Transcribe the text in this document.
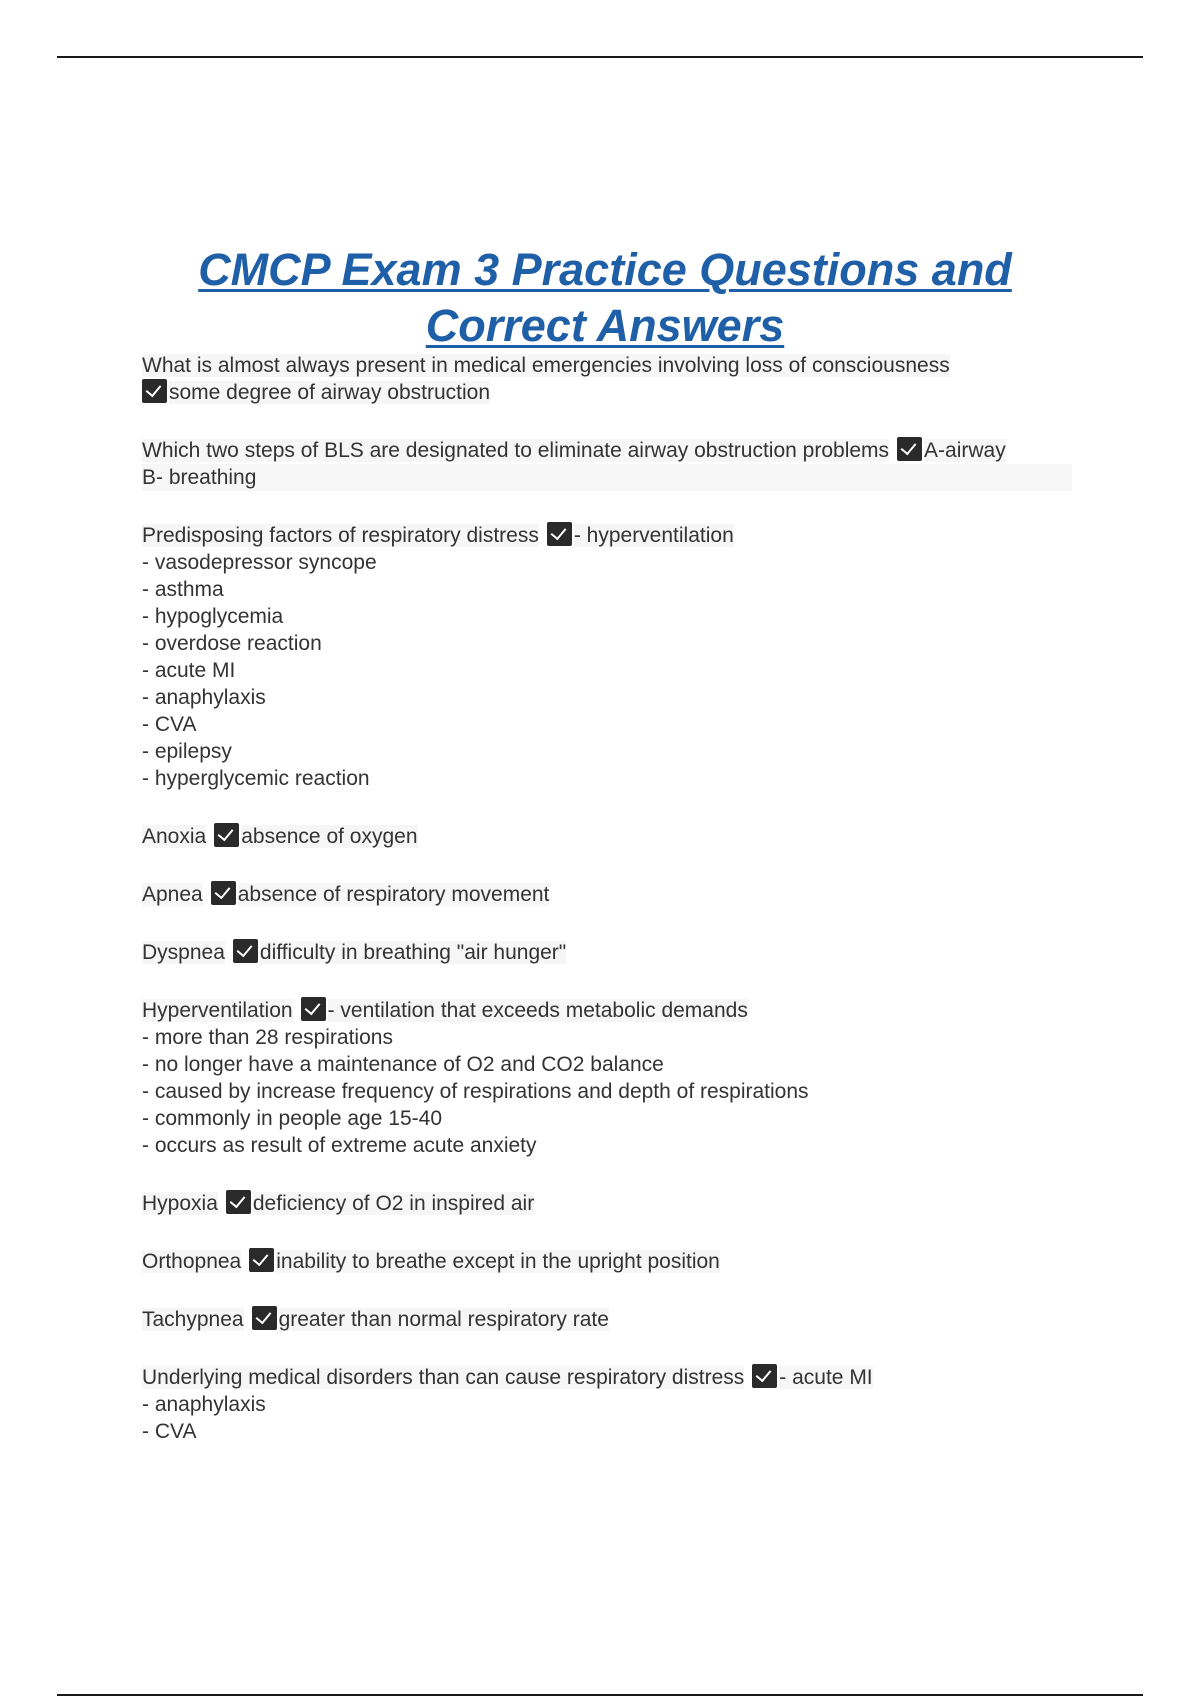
CMCP Exam 3 Practice Questions and Correct Answers
What is almost always present in medical emergencies involving loss of consciousness
some degree of airway obstruction
Which two steps of BLS are designated to eliminate airway obstruction problems A-airway
B- breathing
Predisposing factors of respiratory distress - hyperventilation
- vasodepressor syncope
- asthma
- hypoglycemia
- overdose reaction
- acute MI
- anaphylaxis
- CVA
- epilepsy
- hyperglycemic reaction
Anoxia absence of oxygen
Apnea absence of respiratory movement
Dyspnea difficulty in breathing "air hunger"
Hyperventilation - ventilation that exceeds metabolic demands
- more than 28 respirations
- no longer have a maintenance of O2 and CO2 balance
- caused by increase frequency of respirations and depth of respirations
- commonly in people age 15-40
- occurs as result of extreme acute anxiety
Hypoxia deficiency of O2 in inspired air
Orthopnea inability to breathe except in the upright position
Tachypnea greater than normal respiratory rate
Underlying medical disorders than can cause respiratory distress - acute MI
- anaphylaxis
- CVA
